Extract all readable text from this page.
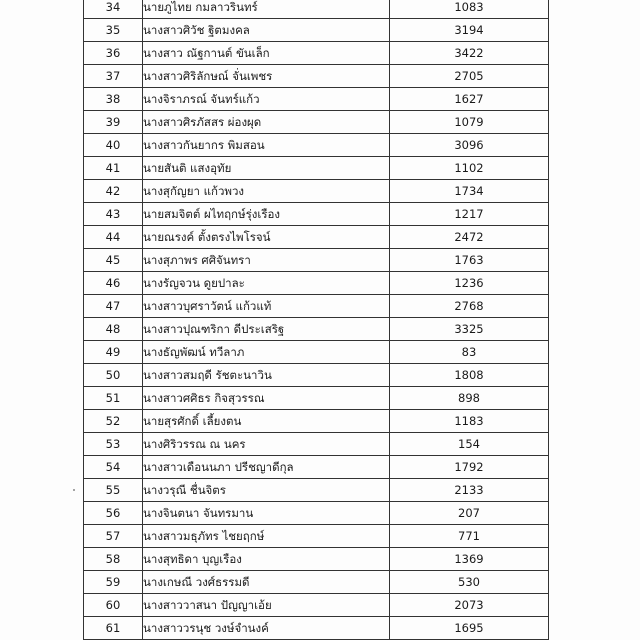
34	นายภูไทย กมลาวรินทร์	1083
35	นางสาวศิวัช ฐิตมงคล	3194
36	นางสาว ณัฐกานต์ ขันเล็ก	3422
37	นางสาวศิริลักษณ์ จั่นเพชร	2705
38	นางจิราภรณ์ จันทร์แก้ว	1627
39	นางสาวศิรภัสสร ผ่องผุด	1079
40	นางสาวกันยากร พิมสอน	3096
41	นายสันติ แสงอุทัย	1102
42	นางสุกัญยา แก้วพวง	1734
43	นายสมจิตต์ ผไทฤกษ์รุ่งเรือง	1217
44	นายณรงค์ ตั้งตรงไพโรจน์	2472
45	นางสุภาพร ศศิจันทรา	1763
46	นางรัญจวน ดูยปาละ	1236
47	นางสาวบุศราวัตน์ แก้วแท้	2768
48	นางสาวปุณฑริกา ดีประเสริฐ	3325
49	นางธัญพัฒน์ ทวีลาภ	83
50	นางสาวสมฤดี รัชตะนาวิน	1808
51	นางสาวศศิธร กิจสุวรรณ	898
52	นายสุรศักดิ์ เลี้ยงตน	1183
53	นางศิริวรรณ ณ นคร	154
54	นางสาวเดือนนภา ปรีชญาดีกุล	1792
55	นางวรุณี ชื่นจิตร	2133
56	นางจินตนา จันทรมาน	207
57	นางสาวมธุภัทร ไชยฤกษ์	771
58	นางสุทธิดา บุญเรือง	1369
59	นางเกษณี วงศ์ธรรมดี	530
60	นางสาววาสนา ปัญญาเอ้ย	2073
61	นางสาววรนุช วงษ์จำนงค์	1695
